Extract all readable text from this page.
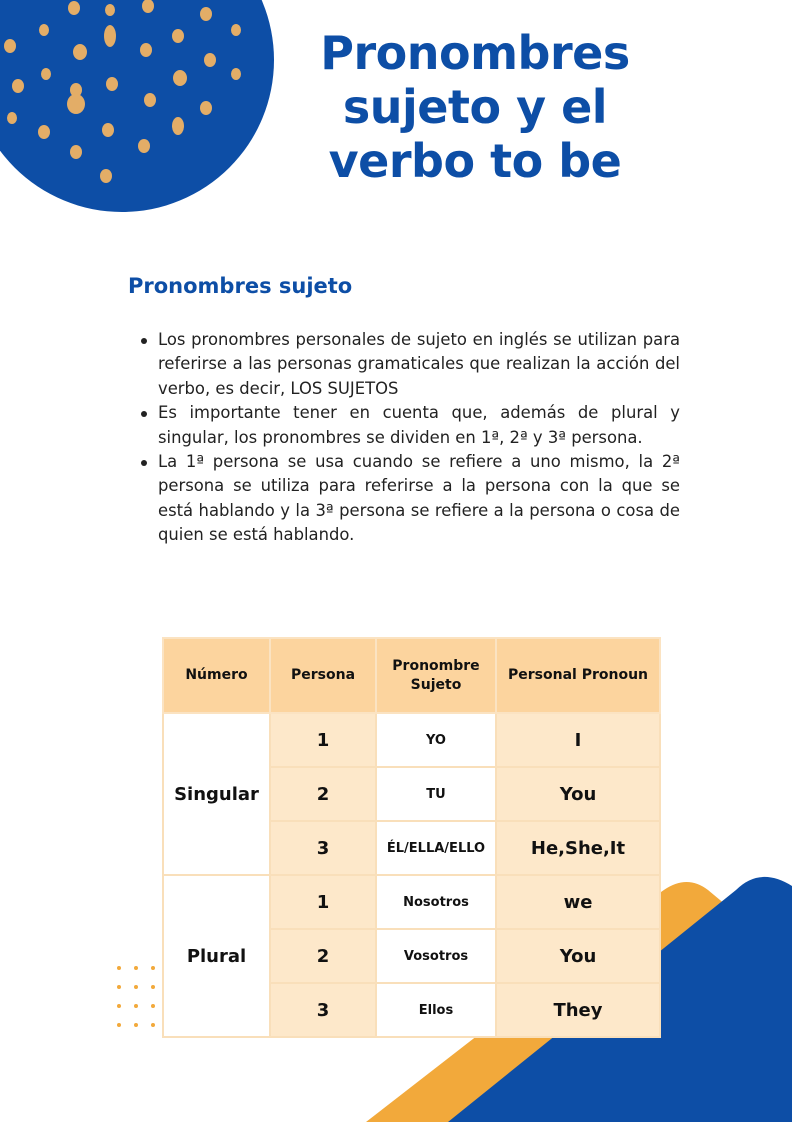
Pronombres
sujeto y el
verbo to be
Pronombres sujeto
Los pronombres personales de sujeto en inglés se utilizan para referirse a las personas gramaticales que realizan la acción del verbo, es decir, LOS SUJETOS
Es importante tener en cuenta que, además de plural y singular, los pronombres se dividen en 1ª, 2ª y 3ª persona.
La 1ª persona se usa cuando se refiere a uno mismo, la 2ª persona se utiliza para referirse a la persona con la que se está hablando y la 3ª persona se refiere a la persona o cosa de quien se está hablando.
Número	Persona	Pronombre Sujeto	Personal Pronoun
Singular	1	YO	I
	2	TU	You
	3	ÉL/ELLA/ELLO	He,She,It
Plural	1	Nosotros	we
	2	Vosotros	You
	3	Ellos	They
